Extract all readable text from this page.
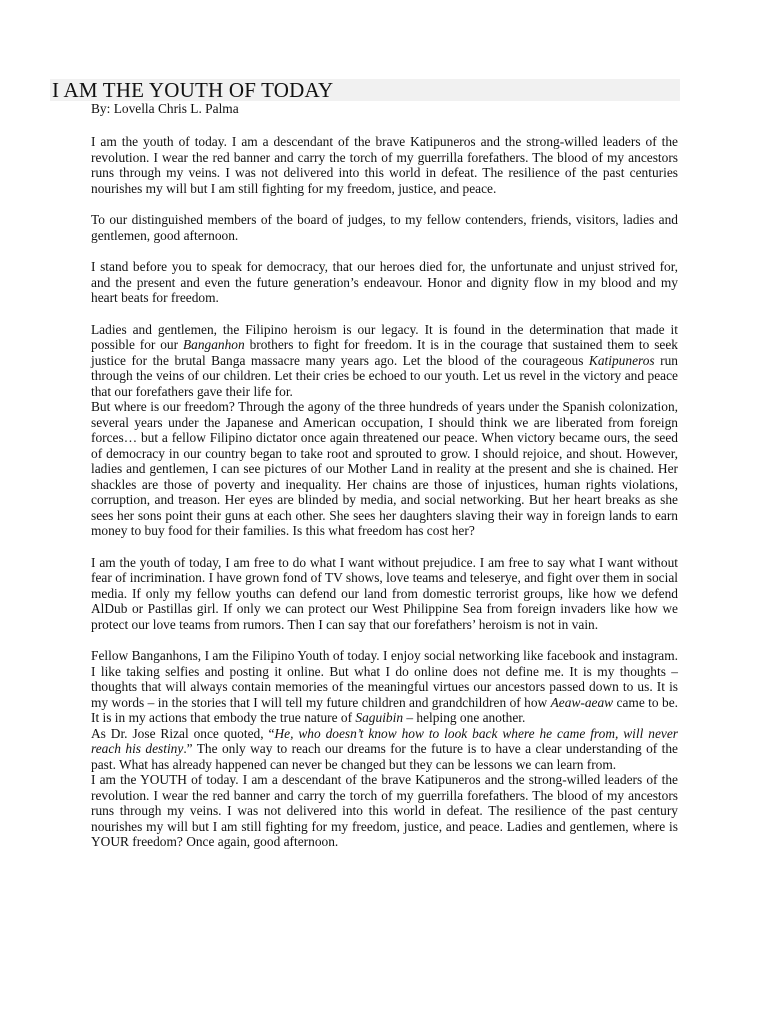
I AM THE YOUTH OF TODAY

By: Lovella Chris L. Palma

I am the youth of today. I am a descendant of the brave Katipuneros and the strong-willed leaders of the revolution. I wear the red banner and carry the torch of my guerrilla forefathers. The blood of my ancestors runs through my veins. I was not delivered into this world in defeat. The resilience of the past centuries nourishes my will but I am still fighting for my freedom, justice, and peace.

To our distinguished members of the board of judges, to my fellow contenders, friends, visitors, ladies and gentlemen, good afternoon.

I stand before you to speak for democracy, that our heroes died for, the unfortunate and unjust strived for, and the present and even the future generation’s endeavour. Honor and dignity flow in my blood and my heart beats for freedom.

Ladies and gentlemen, the Filipino heroism is our legacy. It is found in the determination that made it possible for our Banganhon brothers to fight for freedom. It is in the courage that sustained them to seek justice for the brutal Banga massacre many years ago. Let the blood of the courageous Katipuneros run through the veins of our children. Let their cries be echoed to our youth. Let us revel in the victory and peace that our forefathers gave their life for.

But where is our freedom? Through the agony of the three hundreds of years under the Spanish colonization, several years under the Japanese and American occupation, I should think we are liberated from foreign forces… but a fellow Filipino dictator once again threatened our peace. When victory became ours, the seed of democracy in our country began to take root and sprouted to grow. I should rejoice, and shout. However, ladies and gentlemen, I can see pictures of our Mother Land in reality at the present and she is chained. Her shackles are those of poverty and inequality. Her chains are those of injustices, human rights violations, corruption, and treason. Her eyes are blinded by media, and social networking. But her heart breaks as she sees her sons point their guns at each other. She sees her daughters slaving their way in foreign lands to earn money to buy food for their families. Is this what freedom has cost her?

I am the youth of today, I am free to do what I want without prejudice. I am free to say what I want without fear of incrimination. I have grown fond of TV shows, love teams and teleserye, and fight over them in social media. If only my fellow youths can defend our land from domestic terrorist groups, like how we defend AlDub or Pastillas girl. If only we can protect our West Philippine Sea from foreign invaders like how we protect our love teams from rumors. Then I can say that our forefathers’ heroism is not in vain.

Fellow Banganhons, I am the Filipino Youth of today. I enjoy social networking like facebook and instagram. I like taking selfies and posting it online. But what I do online does not define me. It is my thoughts – thoughts that will always contain memories of the meaningful virtues our ancestors passed down to us. It is my words – in the stories that I will tell my future children and grandchildren of how Aeaw-aeaw came to be. It is in my actions that embody the true nature of Saguibin – helping one another.

As Dr. Jose Rizal once quoted, “He, who doesn’t know how to look back where he came from, will never reach his destiny.” The only way to reach our dreams for the future is to have a clear understanding of the past. What has already happened can never be changed but they can be lessons we can learn from.

I am the YOUTH of today. I am a descendant of the brave Katipuneros and the strong-willed leaders of the revolution. I wear the red banner and carry the torch of my guerrilla forefathers. The blood of my ancestors runs through my veins. I was not delivered into this world in defeat. The resilience of the past century nourishes my will but I am still fighting for my freedom, justice, and peace. Ladies and gentlemen, where is YOUR freedom? Once again, good afternoon.
